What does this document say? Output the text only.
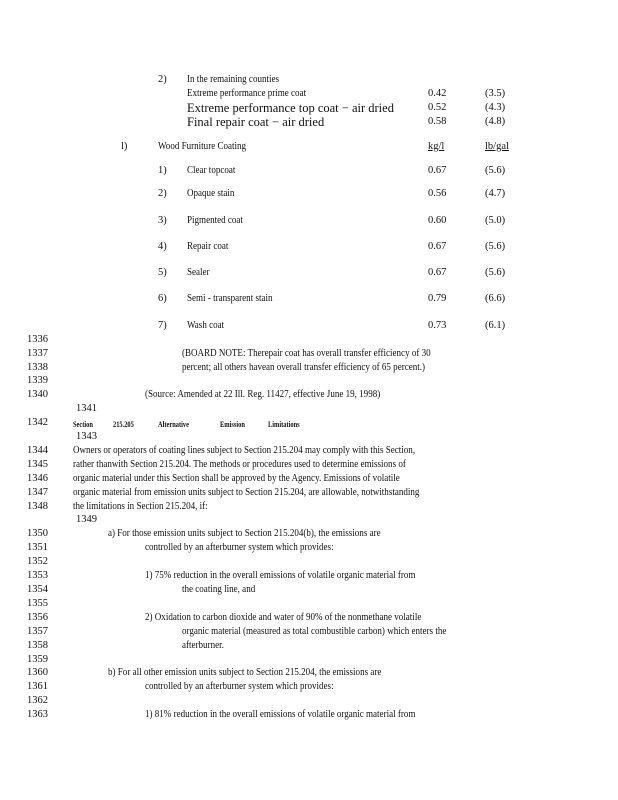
2) In the remaining counties
Extreme performance prime coat	0.42	(3.5)
Extreme performance top coat − air dried	0.52	(4.3)
Final repair coat − air dried	0.58	(4.8)
l)	Wood Furniture Coating	kg/l	lb/gal
1) Clear topcoat	0.67	(5.6)
2) Opaque stain	0.56	(4.7)
3) Pigmented coat	0.60	(5.0)
4) Repair coat	0.67	(5.6)
5) Sealer	0.67	(5.6)
6) Semi - transparent stain	0.79	(6.6)
7) Wash coat	0.73	(6.1)
1336
1337
1338
1339
1340
1341
1342
1343
1344
1345
1346
1347
1348
1349
1350
1351
1352
1353
1354
1355
1356
1357
1358
1359
1360
1361
1362
1363
(BOARD NOTE: Therepair coat has overall transfer efficiency of 30
percent; all others havean overall transfer efficiency of 65 percent.)
(Source: Amended at 22 Ill. Reg. 11427, effective June 19, 1998)
Section	215.205	Alternative	Emission	Limitations
Owners or operators of coating lines subject to Section 215.204 may comply with this Section,
rather thanwith Section 215.204. The methods or procedures used to determine emissions of
organic material under this Section shall be approved by the Agency. Emissions of volatile
organic material from emission units subject to Section 215.204, are allowable, notwithstanding
the limitations in Section 215.204, if:
a) For those emission units subject to Section 215.204(b), the emissions are
controlled by an afterburner system which provides:
1) 75% reduction in the overall emissions of volatile organic material from
the coating line, and
2) Oxidation to carbon dioxide and water of 90% of the nonmethane volatile
organic material (measured as total combustible carbon) which enters the
afterburner.
b) For all other emission units subject to Section 215.204, the emissions are
controlled by an afterburner system which provides:
1) 81% reduction in the overall emissions of volatile organic material from
